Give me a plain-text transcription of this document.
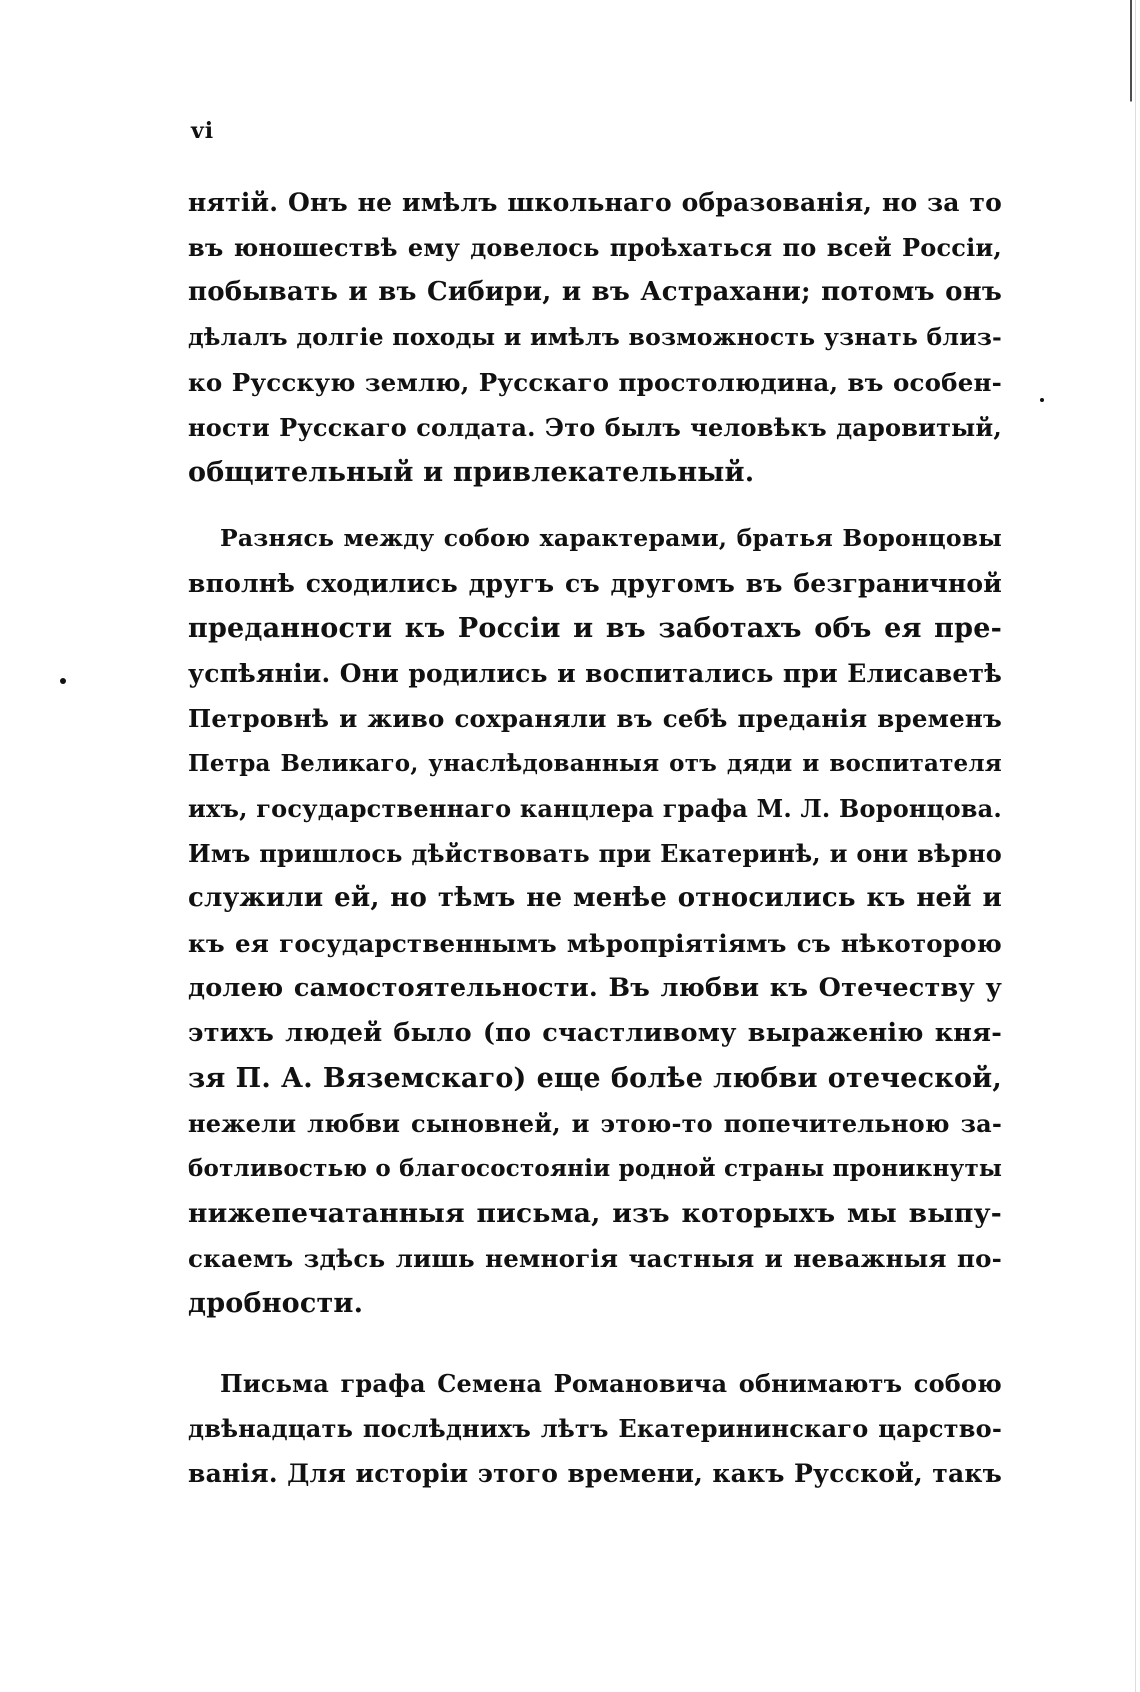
vi
нятій. Онъ не имѣлъ школьнаго образованія, но за то
въ юношествѣ ему довелось проѣхаться по всей Россіи,
побывать и въ Сибири, и въ Астрахани; потомъ онъ
дѣлалъ долгіе походы и имѣлъ возможность узнать близ-
ко Русскую землю, Русскаго простолюдина, въ особен-
ности Русскаго солдата. Это былъ человѣкъ даровитый,
общительный и привлекательный.
Разнясь между собою характерами, братья Воронцовы
вполнѣ сходились другъ съ другомъ въ безграничной
преданности къ Россіи и въ заботахъ объ ея пре-
успѣяніи. Они родились и воспитались при Елисаветѣ
Петровнѣ и живо сохраняли въ себѣ преданія временъ
Петра Великаго, унаслѣдованныя отъ дяди и воспитателя
ихъ, государственнаго канцлера графа М. Л. Воронцова.
Имъ пришлось дѣйствовать при Екатеринѣ, и они вѣрно
служили ей, но тѣмъ не менѣе относились къ ней и
къ ея государственнымъ мѣропріятіямъ съ нѣкоторою
долею самостоятельности. Въ любви къ Отечеству у
этихъ людей было (по счастливому выраженію кня-
зя П. А. Вяземскаго) еще болѣе любви отеческой,
нежели любви сыновней, и этою-то попечительною за-
ботливостью о благосостояніи родной страны проникнуты
нижепечатанныя письма, изъ которыхъ мы выпу-
скаемъ здѣсь лишь немногія частныя и неважныя по-
дробности.
Письма графа Семена Романовича обнимаютъ собою
двѣнадцать послѣднихъ лѣтъ Екатерининскаго царство-
ванія. Для исторіи этого времени, какъ Русской, такъ
